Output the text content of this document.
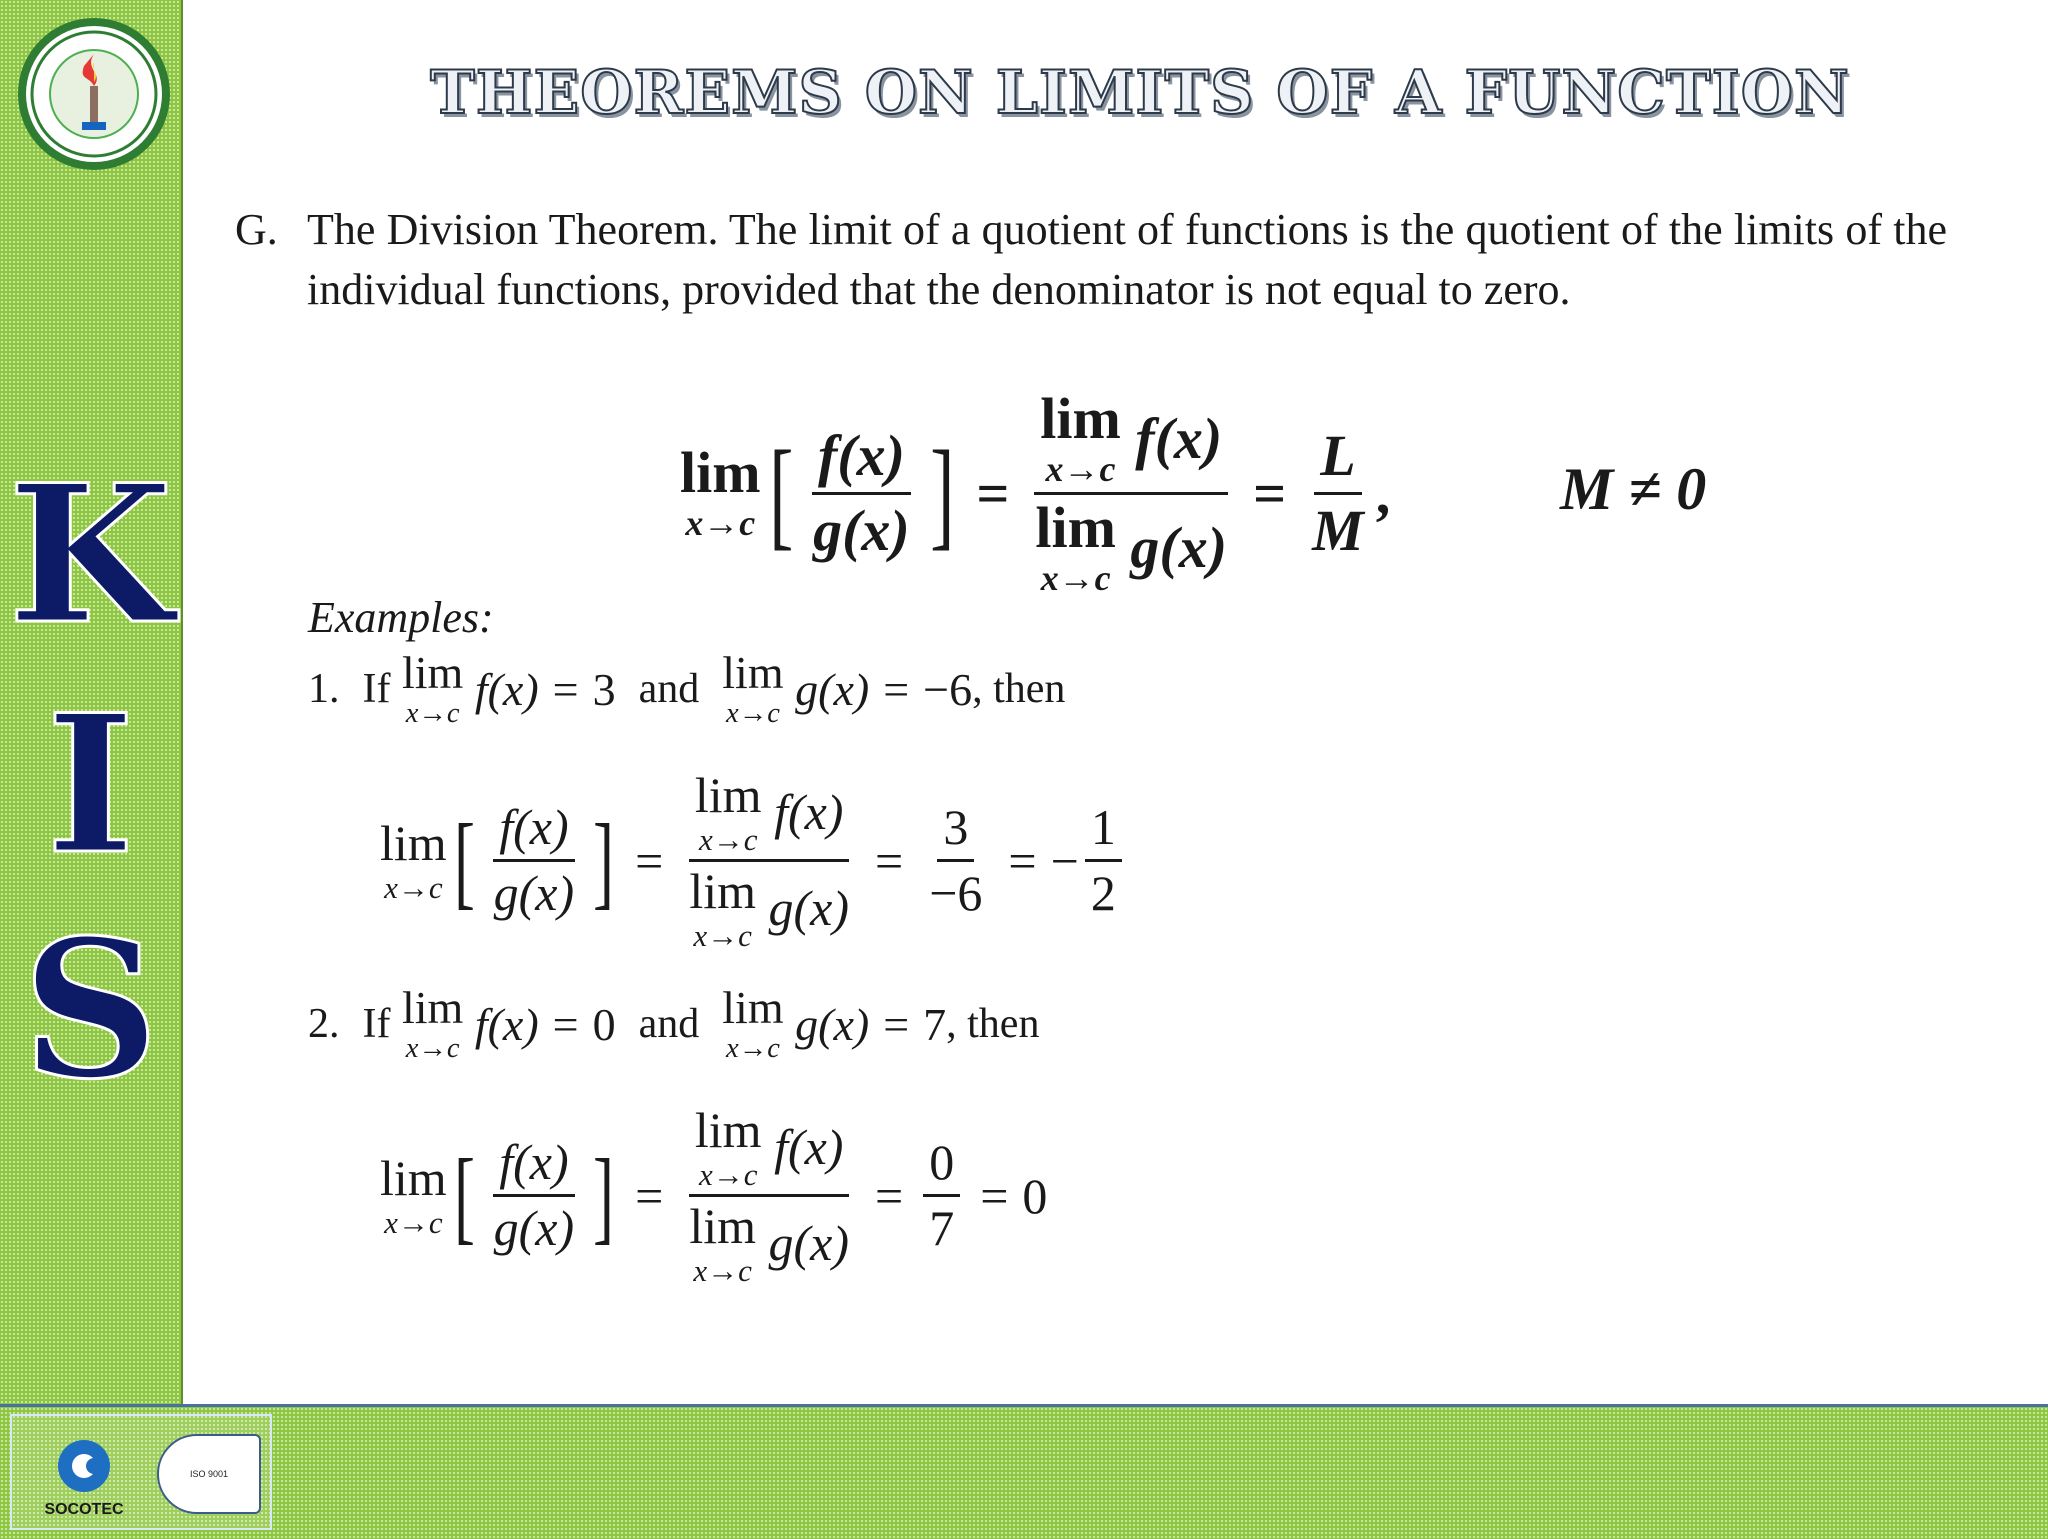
K
I
S
THEOREMS ON LIMITS OF A FUNCTION
G. The Division Theorem. The limit of a quotient of functions is the quotient of the limits of the individual functions, provided that the denominator is not equal to zero.
lim
x→c [ $\frac{f(x)}{g(x)}$ ] = lim
x→c
f(x)
lim
x→c
$g(x) = \frac{L}{M}$ ,	M ≠ 0
Examples:
1.
If
lim
x→c
f(x) = 3
and
lim
x→c
g(x) = −6 , then
lim
x→c [ $\frac{f(x)}{g(x)}$ ] = lim
x→c
f(x)
lim
x→c
$g(x) = \frac{3}{-6}$ = − $\frac{1}{2}$
2.
If
lim
x→c
f(x) = 0
and
lim
x→c
g(x) = 7 , then
lim
x→c [ $\frac{f(x)}{g(x)}$ ] = lim
x→c
f(x)
lim
x→c
$g(x) = \frac{0}{7} = 0$
SOCOTEC
ISO 9001
